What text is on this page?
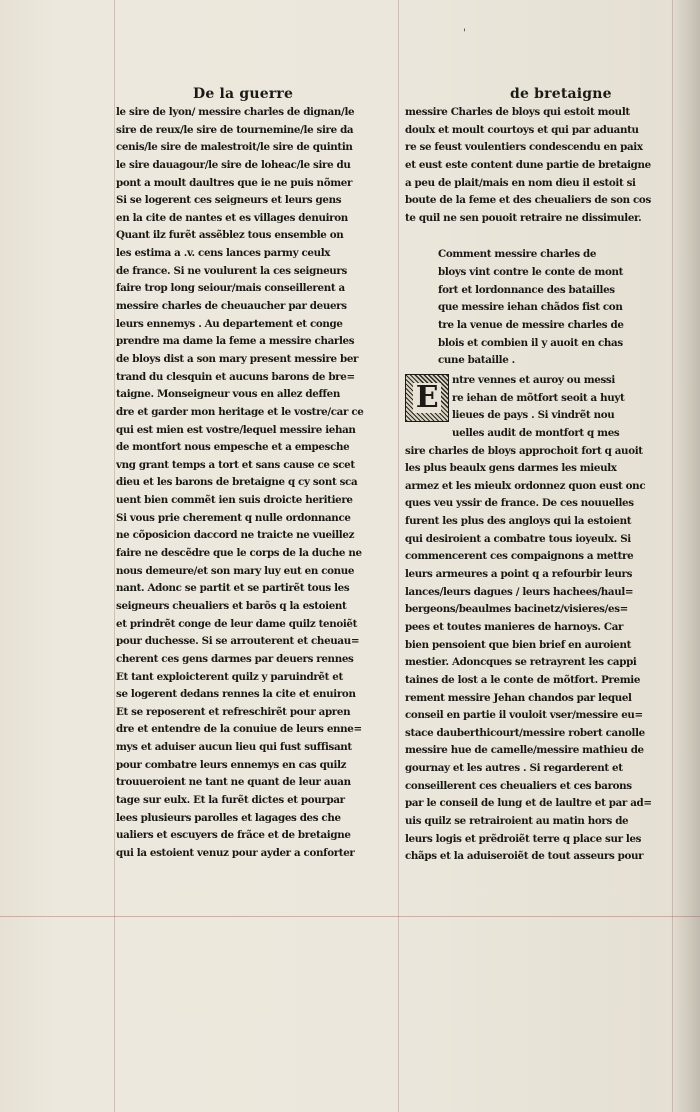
'
De la guerre	de bretaigne
le sire de lyon/ messire charles de dignan/le
sire de reux/le sire de tournemine/le sire da
cenis/le sire de malestroit/le sire de quintin
le sire dauagour/le sire de loheac/le sire du
pont a moult daultres que ie ne puis nõmer
Si se logerent ces seigneurs et leurs gens
en la cite de nantes et es villages denuiron
Quant ilz furẽt assẽblez tous ensemble on
les estima a .v. cens lances parmy ceulx
de france. Si ne voulurent la ces seigneurs
faire trop long seiour/mais conseillerent a
messire charles de cheuaucher par deuers
leurs ennemys . Au departement et conge
prendre ma dame la feme a messire charles
de bloys dist a son mary present messire ber
trand du clesquin et aucuns barons de bre=
taigne. Monseigneur vous en allez deffen
dre et garder mon heritage et le vostre/car ce
qui est mien est vostre/lequel messire iehan
de montfort nous empesche et a empesche
vng grant temps a tort et sans cause ce scet
dieu et les barons de bretaigne q cy sont sca
uent bien commẽt ien suis droicte heritiere
Si vous prie cherement q nulle ordonnance
ne cõposicion daccord ne traicte ne vueillez
faire ne descẽdre que le corps de la duche ne
nous demeure/et son mary luy eut en conue
nant. Adonc se partit et se partirẽt tous les
seigneurs cheualiers et barõs q la estoient
et prindrẽt conge de leur dame quilz tenoiẽt
pour duchesse. Si se arrouterent et cheuau=
cherent ces gens darmes par deuers rennes
Et tant exploicterent quilz y paruindrẽt et
se logerent dedans rennes la cite et enuiron
Et se reposerent et refreschirẽt pour apren
dre et entendre de la conuiue de leurs enne=
mys et aduiser aucun lieu qui fust suffisant
pour combatre leurs ennemys en cas quilz
trouueroient ne tant ne quant de leur auan
tage sur eulx. Et la furẽt dictes et pourpar
lees plusieurs parolles et lagages des che
ualiers et escuyers de frãce et de bretaigne
qui la estoient venuz pour ayder a conforter
messire Charles de bloys qui estoit moult
doulx et moult courtoys et qui par aduantu
re se feust voulentiers condescendu en paix
et eust este content dune partie de bretaigne
a peu de plait/mais en nom dieu il estoit si
boute de la feme et des cheualiers de son cos
te quil ne sen pouoit retraire ne dissimuler.
Comment messire charles de
bloys vint contre le conte de mont
fort et lordonnance des batailles
que messire iehan chãdos fist con
tre la venue de messire charles de
blois et combien il y auoit en chas
cune bataille .
E ntre vennes et auroy ou messi
re iehan de mõtfort seoit a huyt
lieues de pays . Si vindrẽt nou
uelles audit de montfort q mes
sire charles de bloys approchoit fort q auoit
les plus beaulx gens darmes les mieulx
armez et les mieulx ordonnez quon eust onc
ques veu yssir de france. De ces nouuelles
furent les plus des angloys qui la estoient
qui desiroient a combatre tous ioyeulx. Si
commencerent ces compaignons a mettre
leurs armeures a point q a refourbir leurs
lances/leurs dagues / leurs hachees/haul=
bergeons/beaulmes bacinetz/visieres/es=
pees et toutes manieres de harnoys. Car
bien pensoient que bien brief en auroient
mestier. Adoncques se retrayrent les cappi
taines de lost a le conte de mõtfort. Premie
rement messire Jehan chandos par lequel
conseil en partie il vouloit vser/messire eu=
stace dauberthicourt/messire robert canolle
messire hue de camelle/messire mathieu de
gournay et les autres . Si regarderent et
conseillerent ces cheualiers et ces barons
par le conseil de lung et de laultre et par ad=
uis quilz se retrairoient au matin hors de
leurs logis et prẽdroiẽt terre q place sur les
chãps et la aduiseroiẽt de tout asseurs pour
